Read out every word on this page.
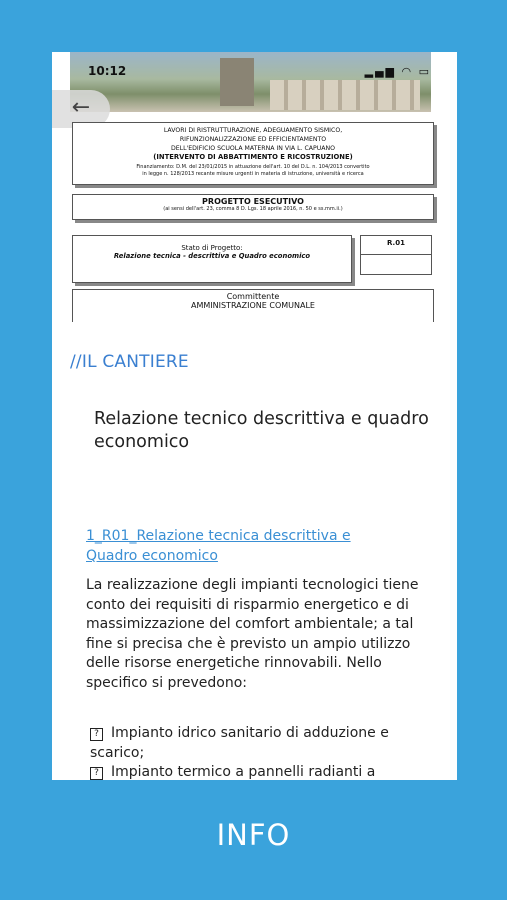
10:12	▂▄▆ ◠ ▭
←
LAVORI DI RISTRUTTURAZIONE, ADEGUAMENTO SISMICO,
RIFUNZIONALIZZAZIONE ED EFFICIENTAMENTO
DELL'EDIFICIO SCUOLA MATERNA IN VIA L. CAPUANO
(INTERVENTO DI ABBATTIMENTO E RICOSTRUZIONE)
Finanziamento: D.M. del 23/01/2015 in attuazione dell'art. 10 del D.L. n. 104/2013 convertito
in legge n. 128/2013 recante misure urgenti in materia di istruzione, università e ricerca
PROGETTO ESECUTIVO
(ai sensi dell'art. 23, comma 8 D. Lgs. 18 aprile 2016, n. 50 e ss.mm.ii.)
Stato di Progetto:
Relazione tecnica - descrittiva e Quadro economico
R.01
Committente
AMMINISTRAZIONE COMUNALE
//IL CANTIERE
Relazione tecnico descrittiva e quadro economico
1_R01_Relazione tecnica descrittiva e Quadro economico
La realizzazione degli impianti tecnologici tiene conto dei requisiti di risparmio energetico e di massimizzazione del comfort ambientale; a tal fine si precisa che è previsto un ampio utilizzo delle risorse energetiche rinnovabili. Nello specifico si prevedono:
? Impianto idrico sanitario di adduzione e scarico;
? Impianto termico a pannelli radianti a
INFO
